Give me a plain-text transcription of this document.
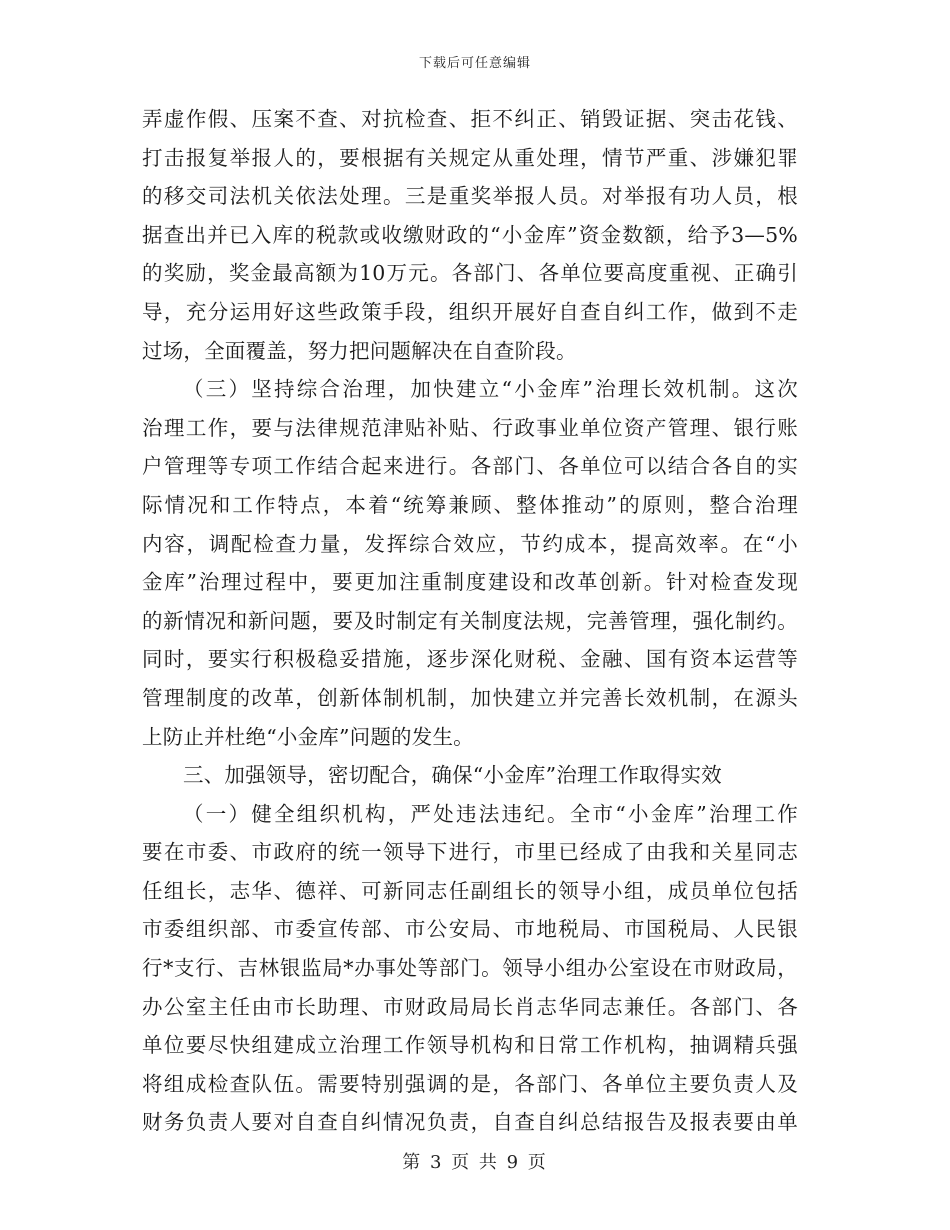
下载后可任意编辑
弄虚作假、压案不查、对抗检查、拒不纠正、销毁证据、突击花钱、
打击报复举报人的，要根据有关规定从重处理，情节严重、涉嫌犯罪
的移交司法机关依法处理。三是重奖举报人员。对举报有功人员，根
据查出并已入库的税款或收缴财政的“小金库”资金数额，给予3—5%
的奖励，奖金最高额为10万元。各部门、各单位要高度重视、正确引
导，充分运用好这些政策手段，组织开展好自查自纠工作，做到不走
过场，全面覆盖，努力把问题解决在自查阶段。
（三）坚持综合治理，加快建立“小金库”治理长效机制。这次
治理工作，要与法律规范津贴补贴、行政事业单位资产管理、银行账
户管理等专项工作结合起来进行。各部门、各单位可以结合各自的实
际情况和工作特点，本着“统筹兼顾、整体推动”的原则，整合治理
内容，调配检查力量，发挥综合效应，节约成本，提高效率。在“小
金库”治理过程中，要更加注重制度建设和改革创新。针对检查发现
的新情况和新问题，要及时制定有关制度法规，完善管理，强化制约。
同时，要实行积极稳妥措施，逐步深化财税、金融、国有资本运营等
管理制度的改革，创新体制机制，加快建立并完善长效机制，在源头
上防止并杜绝“小金库”问题的发生。
三、加强领导，密切配合，确保“小金库”治理工作取得实效
（一）健全组织机构，严处违法违纪。全市“小金库”治理工作
要在市委、市政府的统一领导下进行，市里已经成了由我和关星同志
任组长，志华、德祥、可新同志任副组长的领导小组，成员单位包括
市委组织部、市委宣传部、市公安局、市地税局、市国税局、人民银
行*支行、吉林银监局*办事处等部门。领导小组办公室设在市财政局，
办公室主任由市长助理、市财政局局长肖志华同志兼任。各部门、各
单位要尽快组建成立治理工作领导机构和日常工作机构，抽调精兵强
将组成检查队伍。需要特别强调的是，各部门、各单位主要负责人及
财务负责人要对自查自纠情况负责，自查自纠总结报告及报表要由单
第 3 页 共 9 页
